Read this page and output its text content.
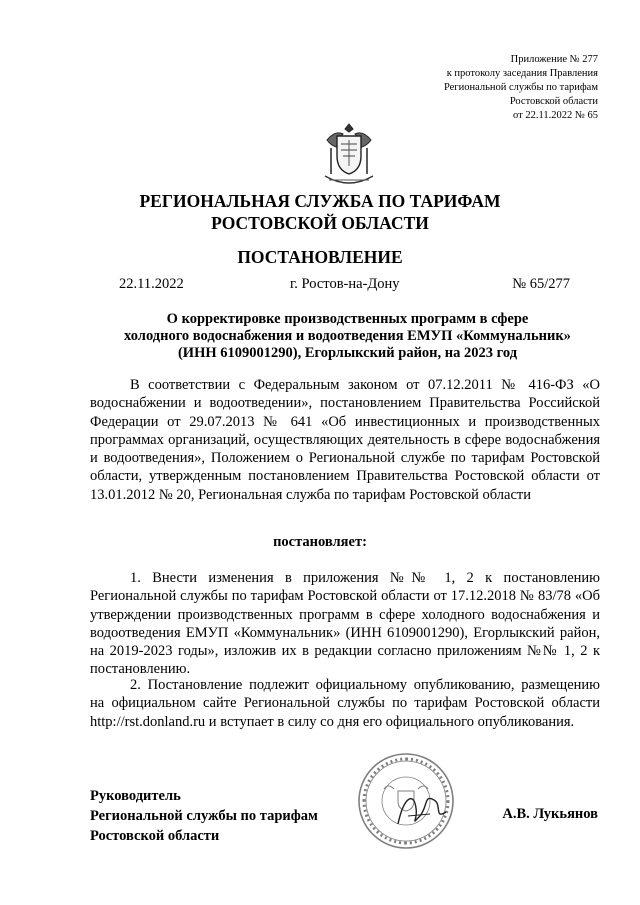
Приложение № 277
к протоколу заседания Правления
Региональной службы по тарифам
Ростовской области
от 22.11.2022 № 65
РЕГИОНАЛЬНАЯ СЛУЖБА ПО ТАРИФАМ
РОСТОВСКОЙ ОБЛАСТИ
ПОСТАНОВЛЕНИЕ
22.11.2022	г. Ростов-на-Дону	№ 65/277
О корректировке производственных программ в сфере
холодного водоснабжения и водоотведения ЕМУП «Коммунальник»
(ИНН 6109001290), Егорлыкский район, на 2023 год
В соответствии с Федеральным законом от 07.12.2011 № 416-ФЗ «О водоснабжении и водоотведении», постановлением Правительства Российской Федерации от 29.07.2013 № 641 «Об инвестиционных и производственных программах организаций, осуществляющих деятельность в сфере водоснабжения и водоотведения», Положением о Региональной службе по тарифам Ростовской области, утвержденным постановлением Правительства Ростовской области от 13.01.2012 № 20, Региональная служба по тарифам Ростовской области
постановляет:
1. Внести изменения в приложения №№ 1, 2 к постановлению Региональной службы по тарифам Ростовской области от 17.12.2018 № 83/78 «Об утверждении производственных программ в сфере холодного водоснабжения и водоотведения ЕМУП «Коммунальник» (ИНН 6109001290), Егорлыкский район, на 2019-2023 годы», изложив их в редакции согласно приложениям №№ 1, 2 к постановлению.
2. Постановление подлежит официальному опубликованию, размещению на официальном сайте Региональной службы по тарифам Ростовской области http://rst.donland.ru и вступает в силу со дня его официального опубликования.
Руководитель
Региональной службы по тарифам
Ростовской области
А.В. Лукьянов
